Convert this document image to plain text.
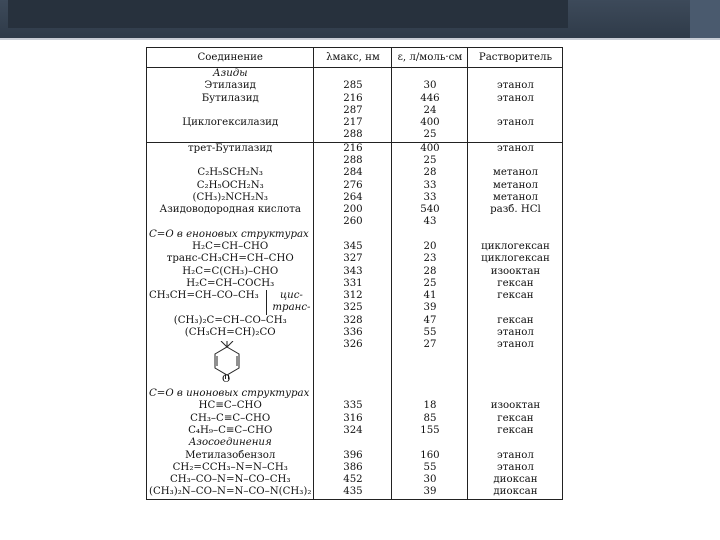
Соединение	λмакс, нм	ε, л/моль·см	Растворитель
Азиды			
Этилазид	285	30	этанол
Бутилазид	216	446	этанол
	287	24	
Циклогексилазид	217	400	этанол
	288	25	
трет-Бутилазид	216	400	этанол
	288	25	
C₂H₅SCH₂N₃	284	28	метанол
C₂H₅OCH₂N₃	276	33	метанол
(CH₃)₂NCH₂N₃	264	33	метанол
Азидоводородная кислота	200	540	разб. HCl
	260	43	
C=O в еноновых структурах			
H₂C=CH–CHO	345	20	циклогексан
транс-CH₃CH=CH–CHO	327	23	циклогексан
H₂C=C(CH₃)–CHO	343	28	изооктан
H₂C=CH–COCH₃	331	25	гексан

CH₃CH=CH–CO–CH₃ цис-	312	41	гексан

транс-	325	39	
(CH₃)₂C=CH–CO–CH₃	328	47	гексан
(CH₃CH=CH)₂CO	336	55	этанол

O	326	27	этанол
C=O в иноновых структурах			
HC≡C–CHO	335	18	изооктан
CH₃–C≡C–CHO	316	85	гексан
C₄H₉–C≡C–CHO	324	155	гексан
Азосоединения			
Метилазобензол	396	160	этанол
CH₂=CCH₃–N=N–CH₃	386	55	этанол
CH₃–CO–N=N–CO–CH₃	452	30	диоксан
(CH₃)₂N–CO–N=N–CO–N(CH₃)₂	435	39	диоксан
